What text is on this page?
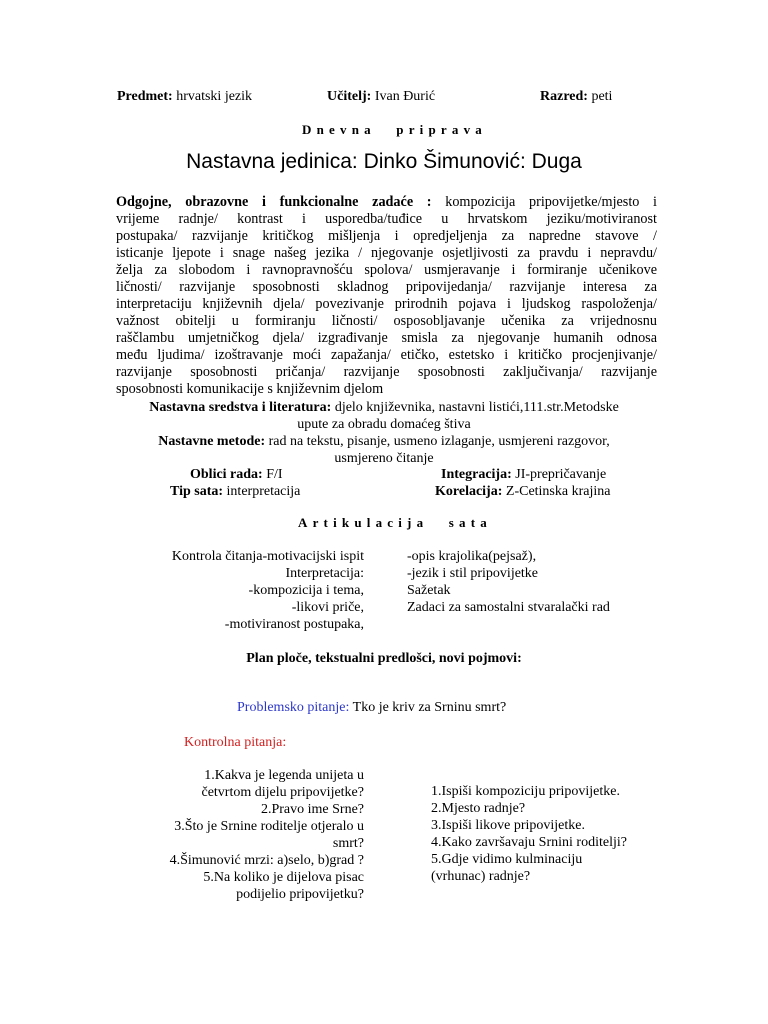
Predmet: hrvatski jezik	Učitelj: Ivan Đurić	Razred: peti
Dnevna priprava
Nastavna jedinica: Dinko Šimunović: Duga
Odgojne, obrazovne i funkcionalne zadaće : kompozicija pripovijetke/mjesto i
vrijeme radnje/ kontrast i usporedba/tuđice u hrvatskom jeziku/motiviranost
postupaka/ razvijanje kritičkog mišljenja i opredjeljenja za napredne stavove /
isticanje ljepote i snage našeg jezika / njegovanje osjetljivosti za pravdu i nepravdu/
želja za slobodom i ravnopravnošću spolova/ usmjeravanje i formiranje učenikove
ličnosti/ razvijanje sposobnosti skladnog pripovijedanja/ razvijanje interesa za
interpretaciju književnih djela/ povezivanje prirodnih pojava i ljudskog raspoloženja/
važnost obitelji u formiranju ličnosti/ osposobljavanje učenika za vrijednosnu
raščlambu umjetničkog djela/ izgrađivanje smisla za njegovanje humanih odnosa
među ljudima/ izoštravanje moći zapažanja/ etičko, estetsko i kritičko procjenjivanje/
razvijanje sposobnosti pričanja/ razvijanje sposobnosti zaključivanja/ razvijanje
sposobnosti komunikacije s književnim djelom
Nastavna sredstva i literatura: djelo književnika, nastavni listići,111.str.Metodske
upute za obradu domaćeg štiva
Nastavne metode: rad na tekstu, pisanje, usmeno izlaganje, usmjereni razgovor,
usmjereno čitanje
Oblici rada: F/I	Integracija: JI-prepričavanje
Tip sata: interpretacija	Korelacija: Z-Cetinska krajina
Artikulacija sata
Kontrola čitanja-motivacijski ispit
Interpretacija:
-kompozicija i tema,
-likovi priče,
-motiviranost postupaka,
-opis krajolika(pejsaž),
-jezik i stil pripovijetke
Sažetak
Zadaci za samostalni stvaralački rad
Plan ploče, tekstualni predlošci, novi pojmovi:
Problemsko pitanje: Tko je kriv za Srninu smrt?
Kontrolna pitanja:
1.Kakva je legenda unijeta u
četvrtom dijelu pripovijetke?
2.Pravo ime Srne?
3.Što je Srnine roditelje otjeralo u
smrt?
4.Šimunović mrzi: a)selo, b)grad ?
5.Na koliko je dijelova pisac
podijelio pripovijetku?
1.Ispiši kompoziciju pripovijetke.
2.Mjesto radnje?
3.Ispiši likove pripovijetke.
4.Kako završavaju Srnini roditelji?
5.Gdje vidimo kulminaciju
(vrhunac) radnje?
